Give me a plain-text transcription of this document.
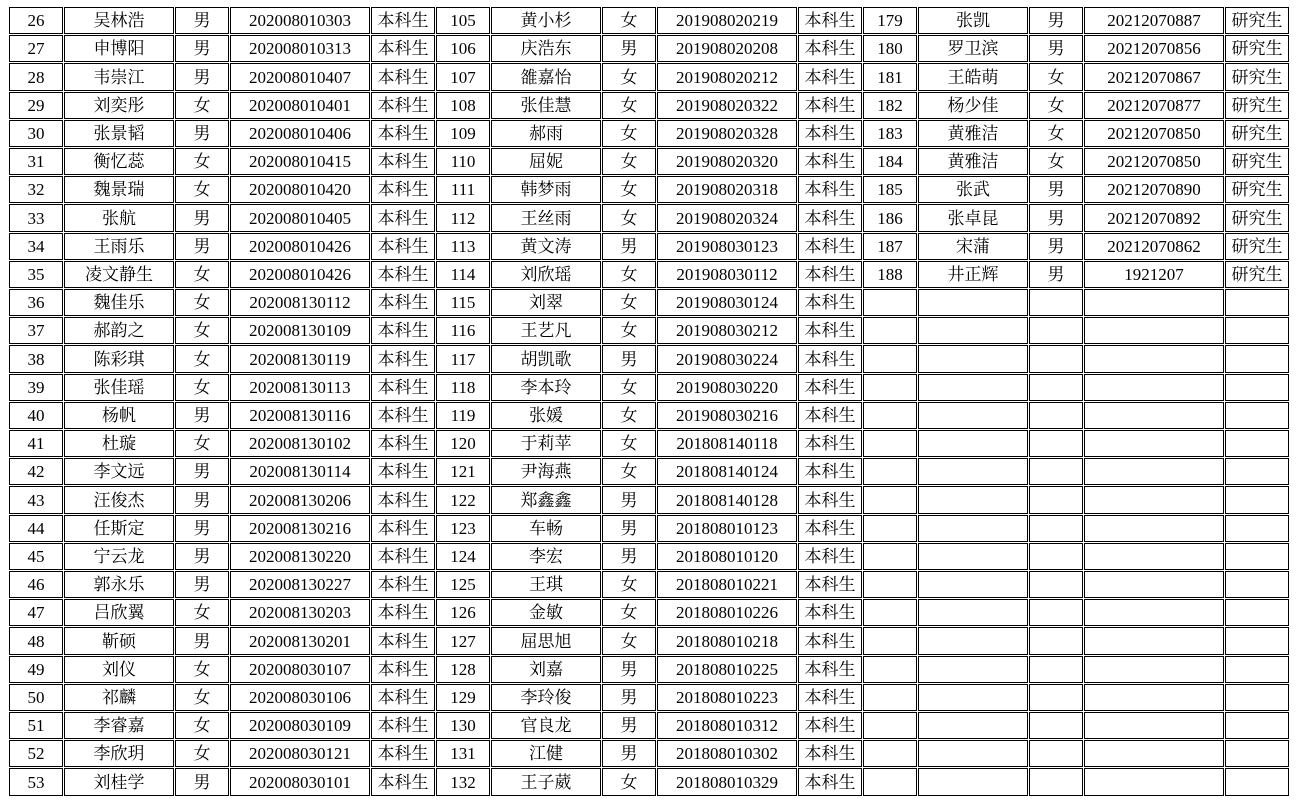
26	吴林浩	男	202008010303	本科生	105	黄小杉	女	201908020219	本科生	179	张凯	男	20212070887	研究生
27	申博阳	男	202008010313	本科生	106	庆浩东	男	201908020208	本科生	180	罗卫滨	男	20212070856	研究生
28	韦崇江	男	202008010407	本科生	107	雒嘉怡	女	201908020212	本科生	181	王皓萌	女	20212070867	研究生
29	刘奕彤	女	202008010401	本科生	108	张佳慧	女	201908020322	本科生	182	杨少佳	女	20212070877	研究生
30	张景韬	男	202008010406	本科生	109	郝雨	女	201908020328	本科生	183	黄雅洁	女	20212070850	研究生
31	衡忆蕊	女	202008010415	本科生	110	屈妮	女	201908020320	本科生	184	黄雅洁	女	20212070850	研究生
32	魏景瑞	女	202008010420	本科生	111	韩梦雨	女	201908020318	本科生	185	张武	男	20212070890	研究生
33	张航	男	202008010405	本科生	112	王丝雨	女	201908020324	本科生	186	张卓昆	男	20212070892	研究生
34	王雨乐	男	202008010426	本科生	113	黄文涛	男	201908030123	本科生	187	宋蒲	男	20212070862	研究生
35	凌文静生	女	202008010426	本科生	114	刘欣瑶	女	201908030112	本科生	188	井正辉	男	1921207	研究生
36	魏佳乐	女	202008130112	本科生	115	刘翠	女	201908030124	本科生					
37	郝韵之	女	202008130109	本科生	116	王艺凡	女	201908030212	本科生					
38	陈彩琪	女	202008130119	本科生	117	胡凯歌	男	201908030224	本科生					
39	张佳瑶	女	202008130113	本科生	118	李本玲	女	201908030220	本科生					
40	杨帆	男	202008130116	本科生	119	张媛	女	201908030216	本科生					
41	杜璇	女	202008130102	本科生	120	于莉苹	女	201808140118	本科生					
42	李文远	男	202008130114	本科生	121	尹海燕	女	201808140124	本科生					
43	汪俊杰	男	202008130206	本科生	122	郑鑫鑫	男	201808140128	本科生					
44	任斯定	男	202008130216	本科生	123	车畅	男	201808010123	本科生					
45	宁云龙	男	202008130220	本科生	124	李宏	男	201808010120	本科生					
46	郭永乐	男	202008130227	本科生	125	王琪	女	201808010221	本科生					
47	吕欣翼	女	202008130203	本科生	126	金敏	女	201808010226	本科生					
48	靳硕	男	202008130201	本科生	127	屈思旭	女	201808010218	本科生					
49	刘仪	女	202008030107	本科生	128	刘嘉	男	201808010225	本科生					
50	祁麟	女	202008030106	本科生	129	李玲俊	男	201808010223	本科生					
51	李睿嘉	女	202008030109	本科生	130	官良龙	男	201808010312	本科生					
52	李欣玥	女	202008030121	本科生	131	江健	男	201808010302	本科生					
53	刘桂学	男	202008030101	本科生	132	王子葳	女	201808010329	本科生					
